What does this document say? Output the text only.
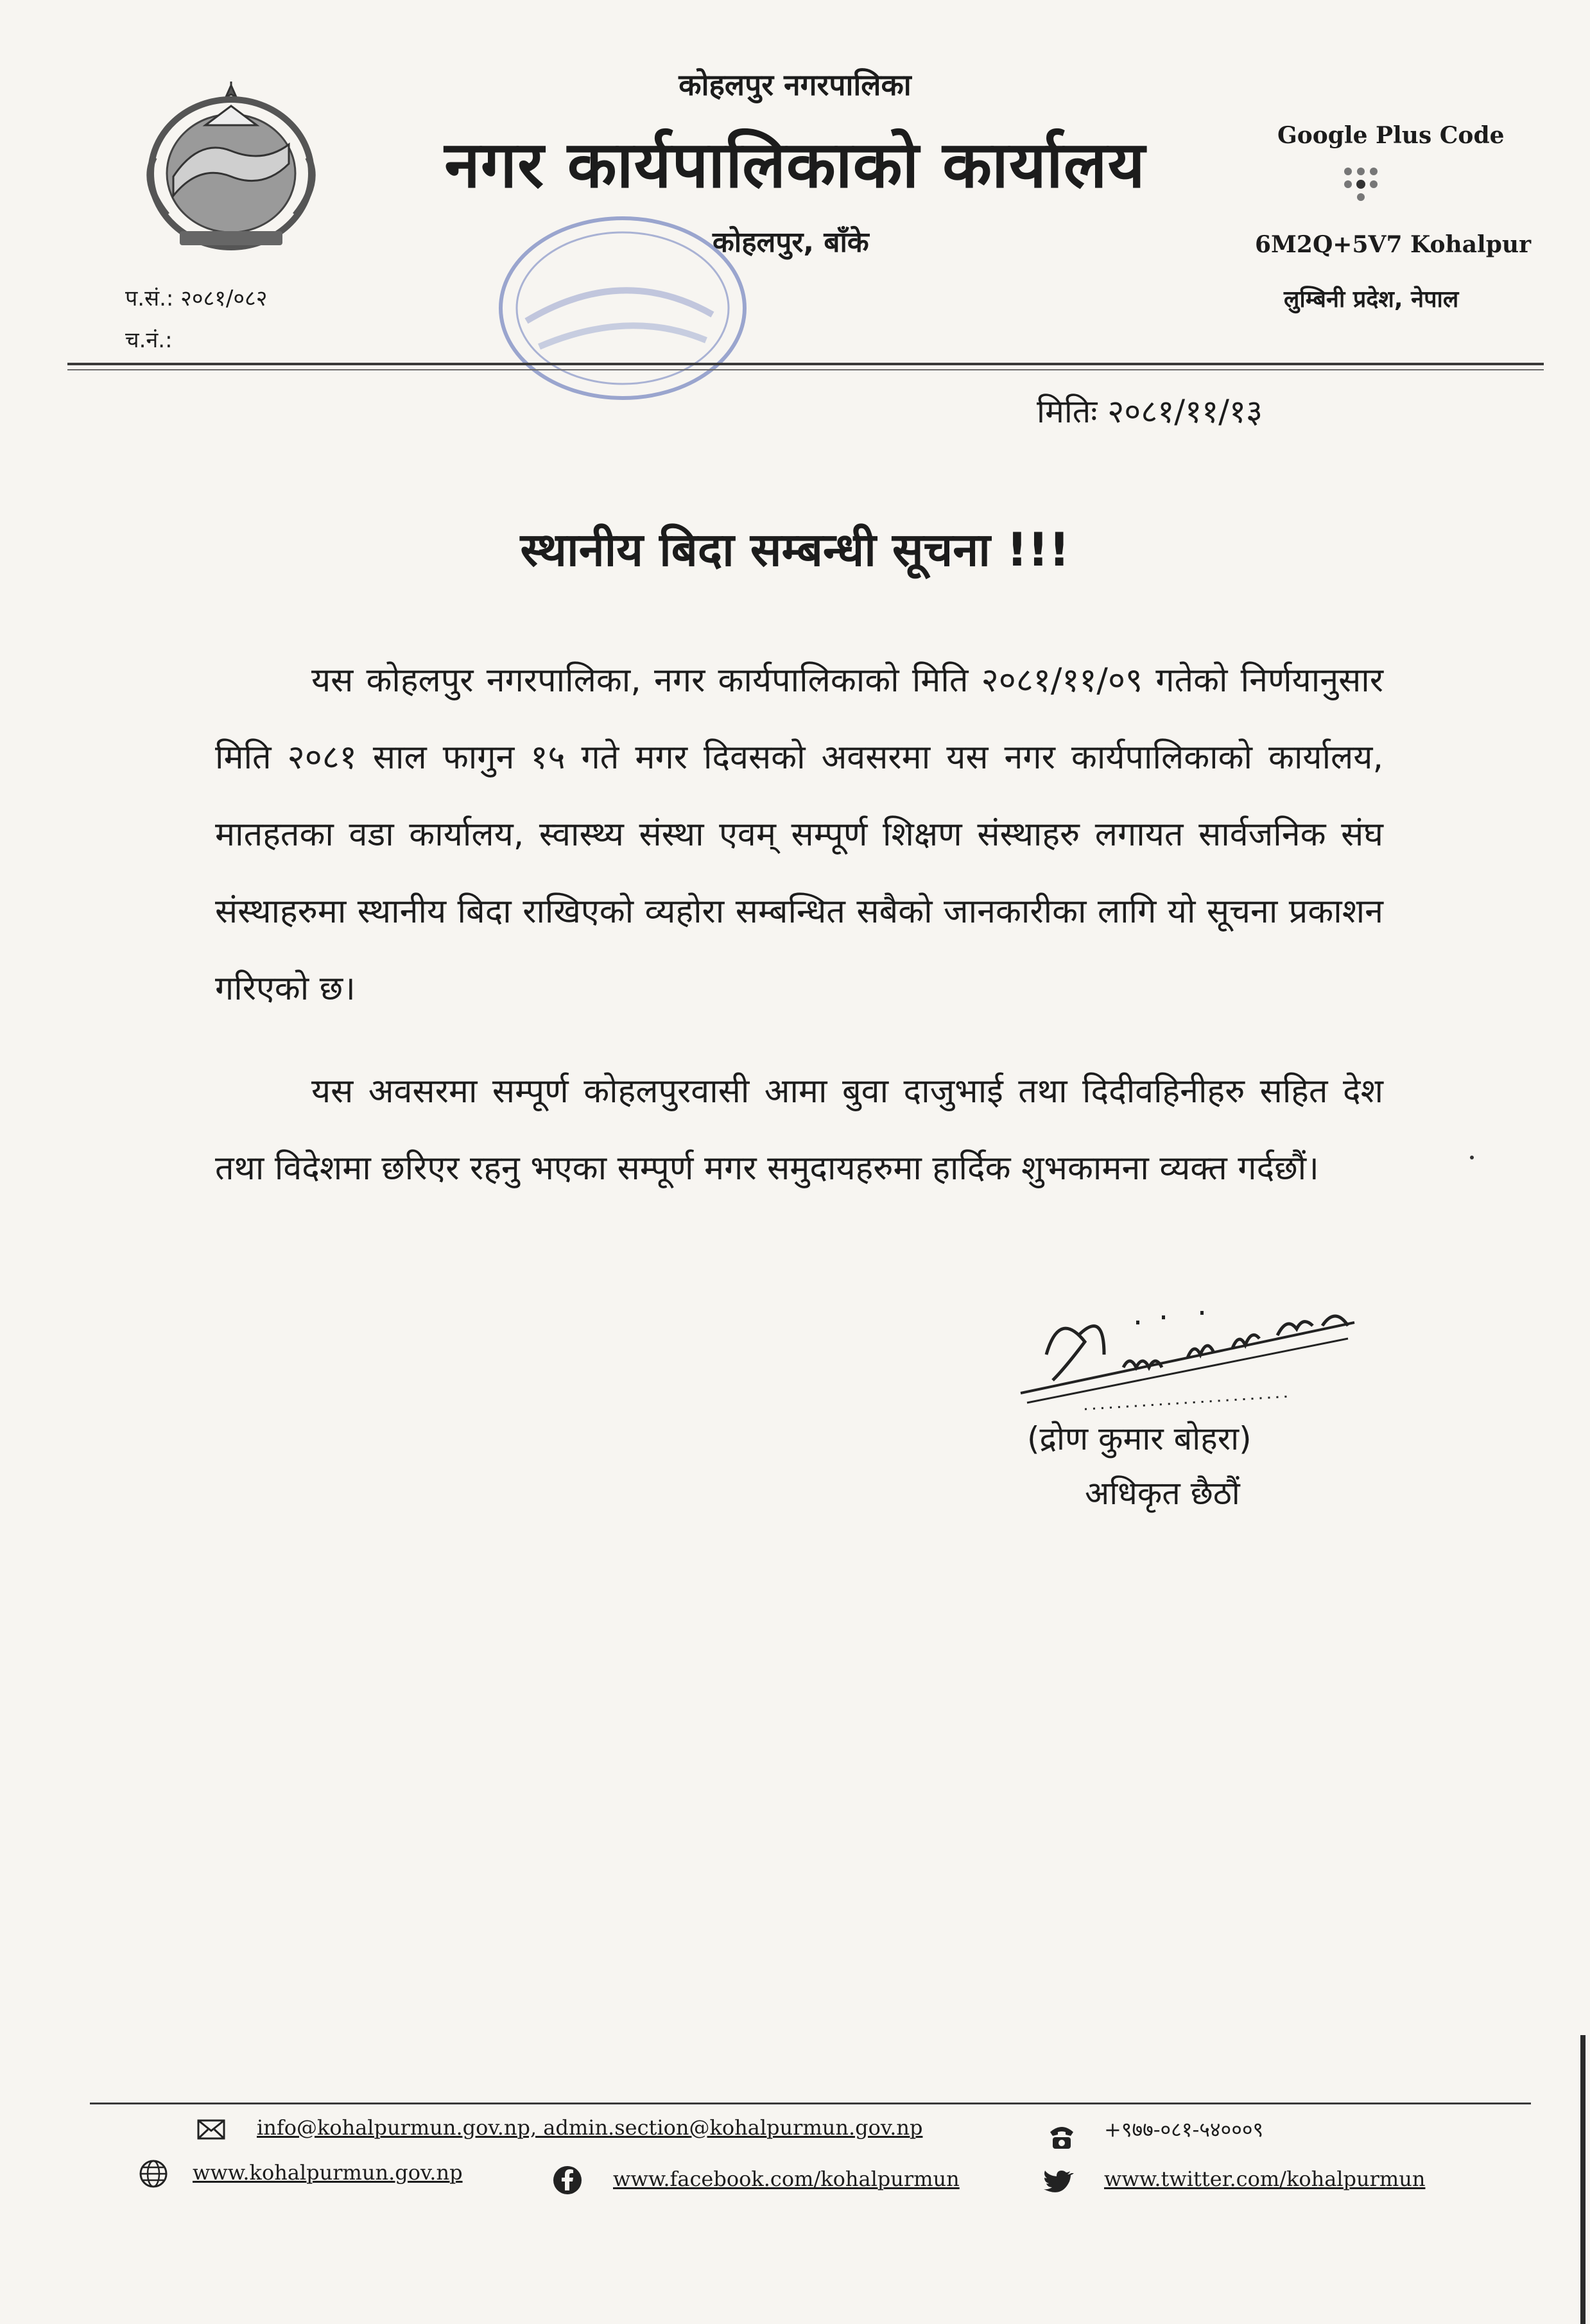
कोहलपुर नगरपालिका
नगर कार्यपालिकाको कार्यालय
कोहलपुर, बाँके
प.सं.: २०८१/०८२
च.नं.:
Google Plus Code
6M2Q+5V7 Kohalpur
लुम्बिनी प्रदेश, नेपाल
मितिः २०८१/११/१३
स्थानीय बिदा सम्बन्धी सूचना !!!
यस कोहलपुर नगरपालिका, नगर कार्यपालिकाको मिति २०८१/११/०९ गतेको निर्णयानुसार मिति २०८१ साल फागुन १५ गते मगर दिवसको अवसरमा यस नगर कार्यपालिकाको कार्यालय, मातहतका वडा कार्यालय, स्वास्थ्य संस्था एवम् सम्पूर्ण शिक्षण संस्थाहरु लगायत सार्वजनिक संघ संस्थाहरुमा स्थानीय बिदा राखिएको व्यहोरा सम्बन्धित सबैको जानकारीका लागि यो सूचना प्रकाशन गरिएको छ।
यस अवसरमा सम्पूर्ण कोहलपुरवासी आमा बुवा दाजुभाई तथा दिदीवहिनीहरु सहित देश तथा विदेशमा छरिएर रहनु भएका सम्पूर्ण मगर समुदायहरुमा हार्दिक शुभकामना व्यक्त गर्दछौं।
(द्रोण कुमार बोहरा)
अधिकृत छैठौं
info@kohalpurmun.gov.np, admin.section@kohalpurmun.gov.np	+९७७-०८१-५४०००९
www.kohalpurmun.gov.np	www.facebook.com/kohalpurmun	www.twitter.com/kohalpurmun
